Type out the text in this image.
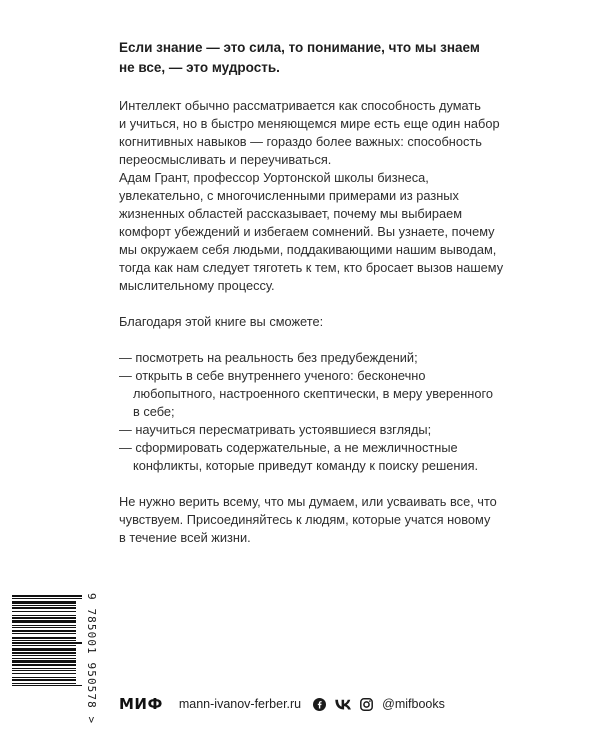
Если знание — это сила, то понимание, что мы знаем
не все, — это мудрость.

Интеллект обычно рассматривается как способность думать
и учиться, но в быстро меняющемся мире есть еще один набор
когнитивных навыков — гораздо более важных: способность
переосмысливать и переучиваться.
Адам Грант, профессор Уортонской школы бизнеса,
увлекательно, с многочисленными примерами из разных
жизненных областей рассказывает, почему мы выбираем
комфорт убеждений и избегаем сомнений. Вы узнаете, почему
мы окружаем себя людьми, поддакивающими нашим выводам,
тогда как нам следует тяготеть к тем, кто бросает вызов нашему
мыслительному процессу.

Благодаря этой книге вы сможете:

— посмотреть на реальность без предубеждений;
— открыть в себе внутреннего ученого: бесконечно
любопытного, настроенного скептически, в меру уверенного
в себе;
— научиться пересматривать устоявшиеся взгляды;
— сформировать содержательные, а не межличностные
конфликты, которые приведут команду к поиску решения.

Не нужно верить всему, что мы думаем, или усваивать все, что
чувствуем. Присоединяйтесь к людям, которые учатся новому
в течение всей жизни.

9 785001 950578 > МИФ mann-ivanov-ferber.ru	@mifbooks
